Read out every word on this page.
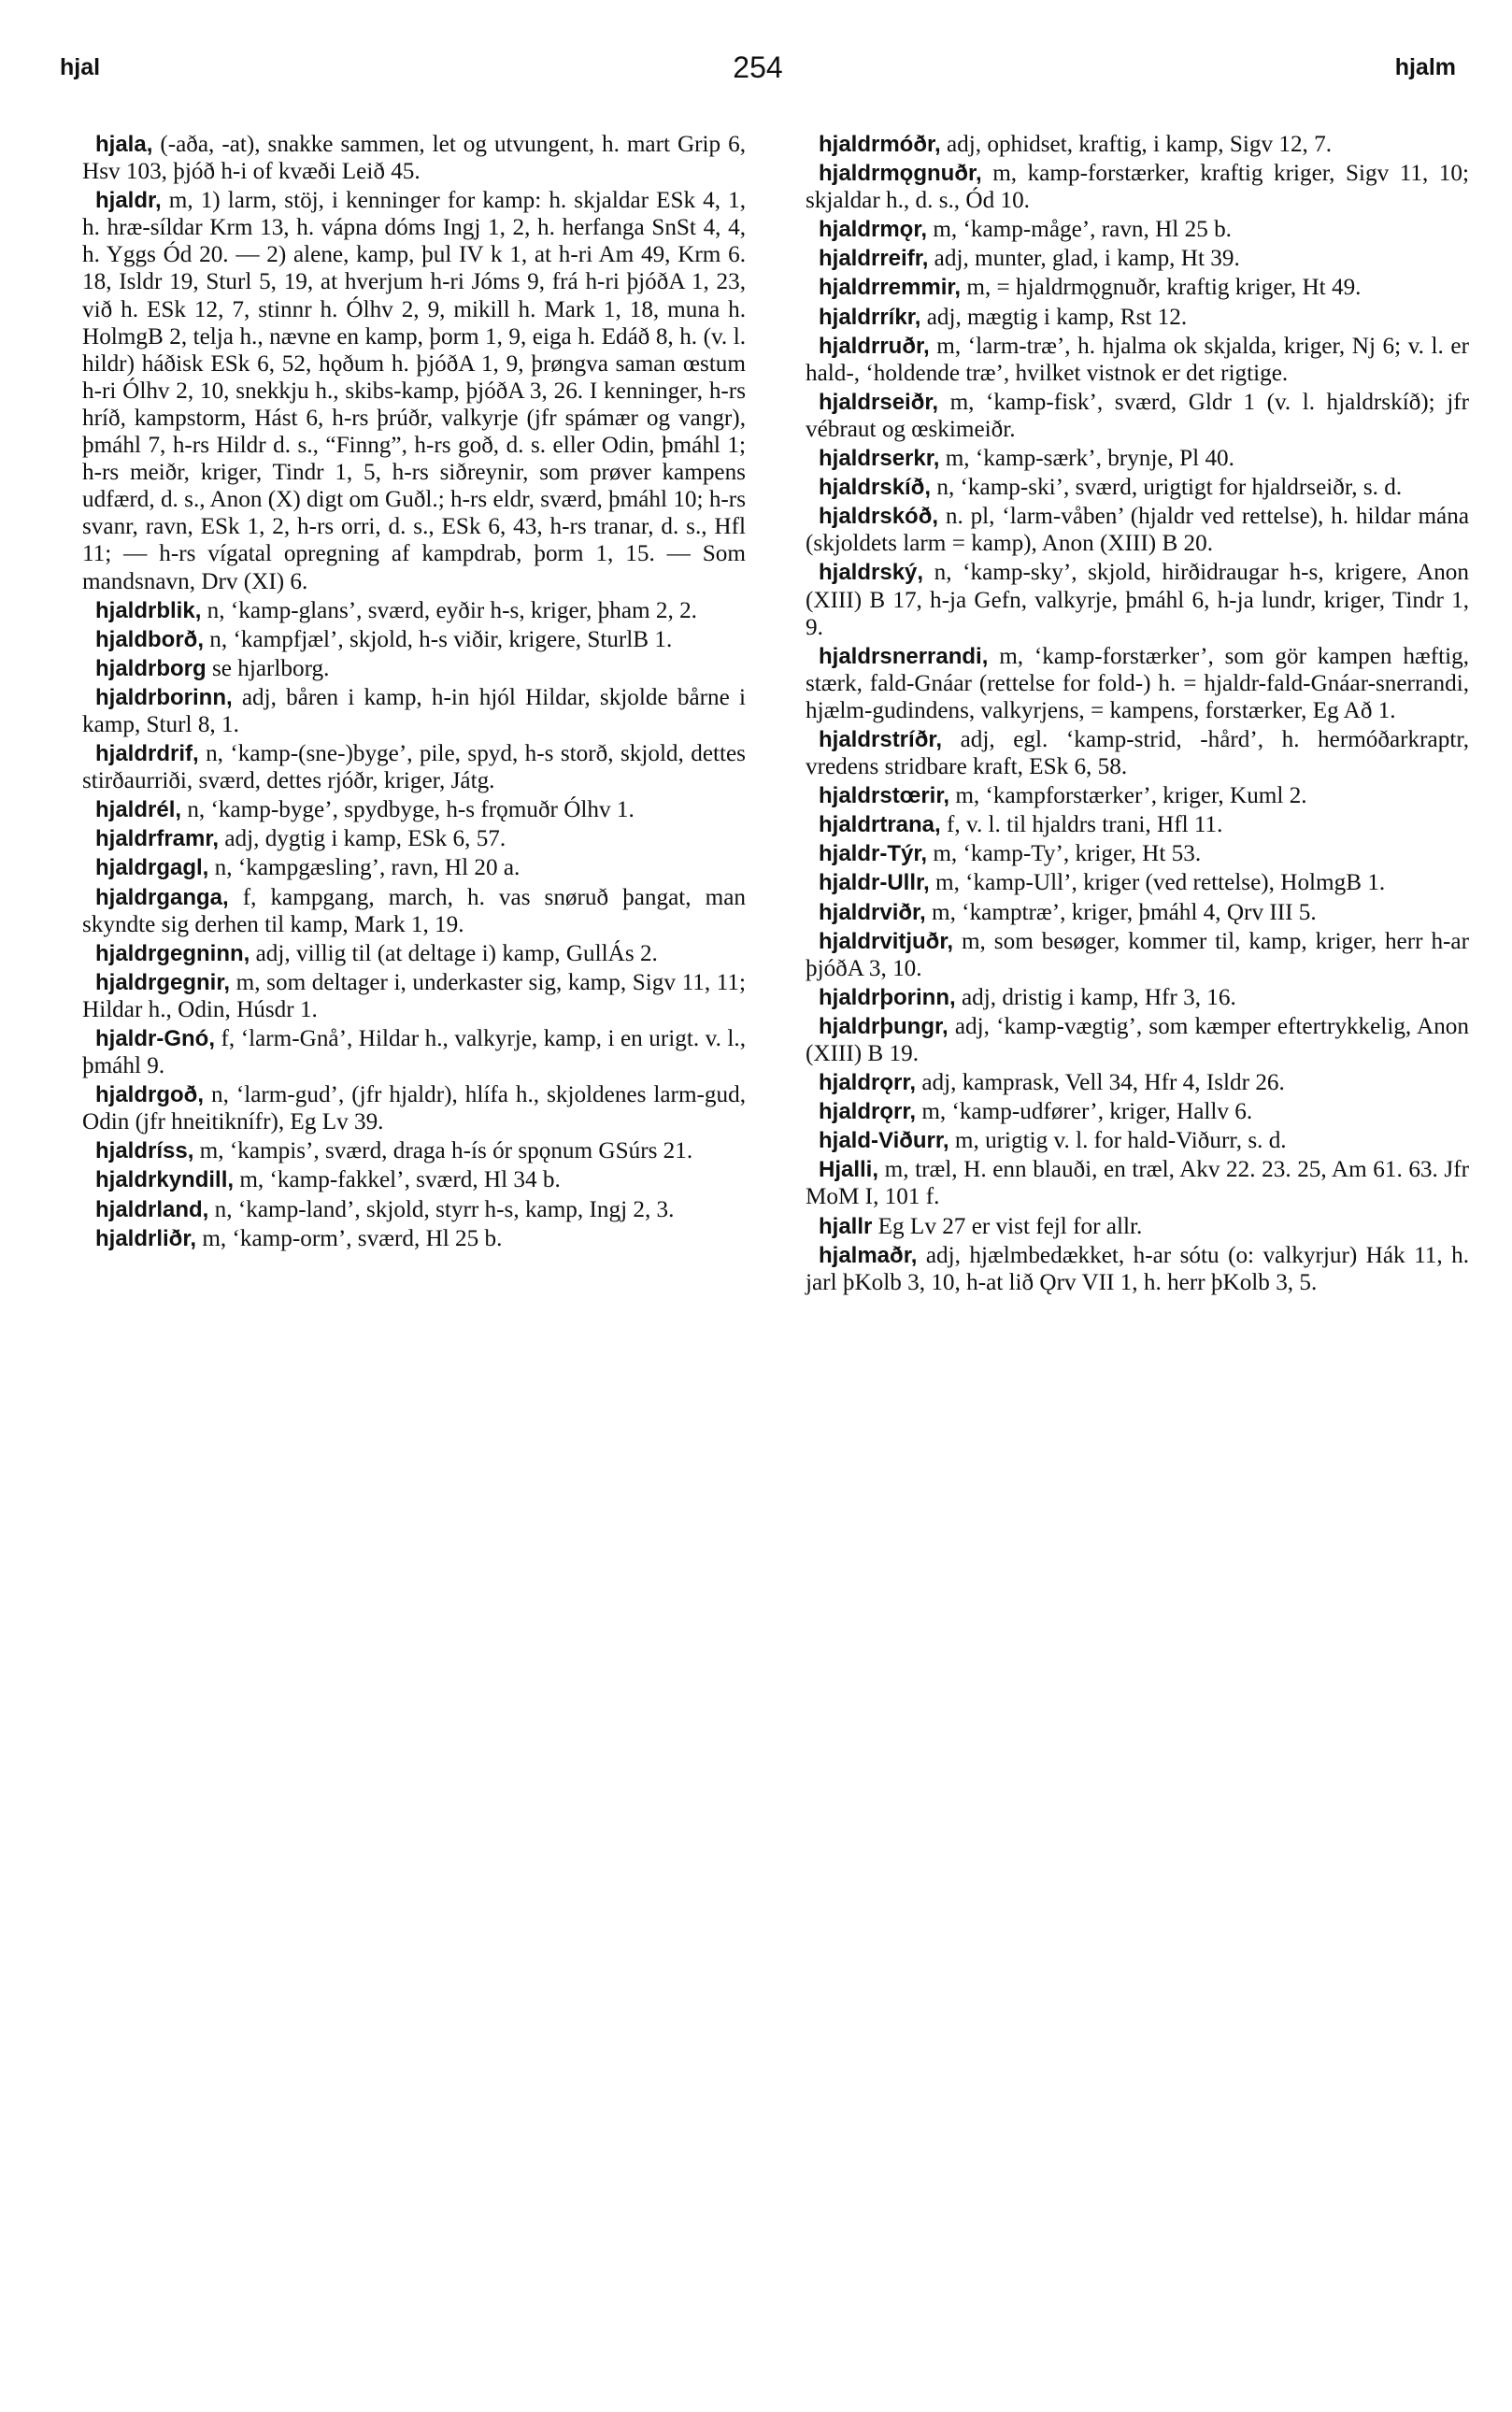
hjal	254	hjalm

hjala, (-aða, -at), snakke sammen, let og utvungent, h. mart Grip 6, Hsv 103, þjóð h-i of kvæði Leið 45.

hjaldr, m, 1) larm, stöj, i kenninger for kamp: h. skjaldar ESk 4, 1, h. hræ-síldar Krm 13, h. vápna dóms Ingj 1, 2, h. herfanga SnSt 4, 4, h. Yggs Ód 20. — 2) alene, kamp, þul IV k 1, at h-ri Am 49, Krm 6. 18, Isldr 19, Sturl 5, 19, at hverjum h-ri Jóms 9, frá h-ri þjóðA 1, 23, við h. ESk 12, 7, stinnr h. Ólhv 2, 9, mikill h. Mark 1, 18, muna h. HolmgB 2, telja h., nævne en kamp, þorm 1, 9, eiga h. Edáð 8, h. (v. l. hildr) háðisk ESk 6, 52, hǫðum h. þjóðA 1, 9, þrøngva saman œstum h-ri Ólhv 2, 10, snekkju h., skibs-kamp, þjóðA 3, 26. I kenninger, h-rs hríð, kampstorm, Hást 6, h-rs þrúðr, valkyrje (jfr spámær og vangr), þmáhl 7, h-rs Hildr d. s., “Finng”, h-rs goð, d. s. eller Odin, þmáhl 1; h-rs meiðr, kriger, Tindr 1, 5, h-rs siðreynir, som prøver kampens udfærd, d. s., Anon (X) digt om Guðl.; h-rs eldr, sværd, þmáhl 10; h-rs svanr, ravn, ESk 1, 2, h-rs orri, d. s., ESk 6, 43, h-rs tranar, d. s., Hfl 11; — h-rs vígatal opregning af kampdrab, þorm 1, 15. — Som mandsnavn, Drv (XI) 6.

hjaldrblik, n, ‘kamp-glans’, sværd, eyðir h-s, kriger, þham 2, 2.

hjaldborð, n, ‘kampfjæl’, skjold, h-s viðir, krigere, SturlB 1.

hjaldrborg se hjarlborg.

hjaldrborinn, adj, båren i kamp, h-in hjól Hildar, skjolde bårne i kamp, Sturl 8, 1.

hjaldrdrif, n, ‘kamp-(sne-)byge’, pile, spyd, h-s storð, skjold, dettes stirðaurriði, sværd, dettes rjóðr, kriger, Játg.

hjaldrél, n, ‘kamp-byge’, spydbyge, h-s frǫmuðr Ólhv 1.

hjaldrframr, adj, dygtig i kamp, ESk 6, 57.

hjaldrgagl, n, ‘kampgæsling’, ravn, Hl 20 a.

hjaldrganga, f, kampgang, march, h. vas snøruð þangat, man skyndte sig derhen til kamp, Mark 1, 19.

hjaldrgegninn, adj, villig til (at deltage i) kamp, GullÁs 2.

hjaldrgegnir, m, som deltager i, underkaster sig, kamp, Sigv 11, 11; Hildar h., Odin, Húsdr 1.

hjaldr-Gnó, f, ‘larm-Gnå’, Hildar h., valkyrje, kamp, i en urigt. v. l., þmáhl 9.

hjaldrgoð, n, ‘larm-gud’, (jfr hjaldr), hlífa h., skjoldenes larm-gud, Odin (jfr hneitiknífr), Eg Lv 39.

hjaldríss, m, ‘kampis’, sværd, draga h-ís ór spǫnum GSúrs 21.

hjaldrkyndill, m, ‘kamp-fakkel’, sværd, Hl 34 b.

hjaldrland, n, ‘kamp-land’, skjold, styrr h-s, kamp, Ingj 2, 3.

hjaldrliðr, m, ‘kamp-orm’, sværd, Hl 25 b.

hjaldrmóðr, adj, ophidset, kraftig, i kamp, Sigv 12, 7.

hjaldrmǫgnuðr, m, kamp-forstærker, kraftig kriger, Sigv 11, 10; skjaldar h., d. s., Ód 10.

hjaldrmǫr, m, ‘kamp-måge’, ravn, Hl 25 b.

hjaldrreifr, adj, munter, glad, i kamp, Ht 39.

hjaldrremmir, m, = hjaldrmǫgnuðr, kraftig kriger, Ht 49.

hjaldrríkr, adj, mægtig i kamp, Rst 12.

hjaldrruðr, m, ‘larm-træ’, h. hjalma ok skjalda, kriger, Nj 6; v. l. er hald-, ‘holdende træ’, hvilket vistnok er det rigtige.

hjaldrseiðr, m, ‘kamp-fisk’, sværd, Gldr 1 (v. l. hjaldrskíð); jfr vébraut og œskimeiðr.

hjaldrserkr, m, ‘kamp-særk’, brynje, Pl 40.

hjaldrskíð, n, ‘kamp-ski’, sværd, urigtigt for hjaldrseiðr, s. d.

hjaldrskóð, n. pl, ‘larm-våben’ (hjaldr ved rettelse), h. hildar mána (skjoldets larm = kamp), Anon (XIII) B 20.

hjaldrský, n, ‘kamp-sky’, skjold, hirðidraugar h-s, krigere, Anon (XIII) B 17, h-ja Gefn, valkyrje, þmáhl 6, h-ja lundr, kriger, Tindr 1, 9.

hjaldrsnerrandi, m, ‘kamp-forstærker’, som gör kampen hæftig, stærk, fald-Gnáar (rettelse for fold-) h. = hjaldr-fald-Gnáar-snerrandi, hjælm-gudindens, valkyrjens, = kampens, forstærker, Eg Að 1.

hjaldrstríðr, adj, egl. ‘kamp-strid, -hård’, h. hermóðarkraptr, vredens stridbare kraft, ESk 6, 58.

hjaldrstœrir, m, ‘kampforstærker’, kriger, Kuml 2.

hjaldrtrana, f, v. l. til hjaldrs trani, Hfl 11.

hjaldr-Týr, m, ‘kamp-Ty’, kriger, Ht 53.

hjaldr-Ullr, m, ‘kamp-Ull’, kriger (ved rettelse), HolmgB 1.

hjaldrviðr, m, ‘kamptræ’, kriger, þmáhl 4, Ǫrv III 5.

hjaldrvitjuðr, m, som besøger, kommer til, kamp, kriger, herr h-ar þjóðA 3, 10.

hjaldrþorinn, adj, dristig i kamp, Hfr 3, 16.

hjaldrþungr, adj, ‘kamp-vægtig’, som kæmper eftertrykkelig, Anon (XIII) B 19.

hjaldrǫrr, adj, kamprask, Vell 34, Hfr 4, Isldr 26.

hjaldrǫrr, m, ‘kamp-udfører’, kriger, Hallv 6.

hjald-Viðurr, m, urigtig v. l. for hald-Viðurr, s. d.

Hjalli, m, træl, H. enn blauði, en træl, Akv 22. 23. 25, Am 61. 63. Jfr MoM I, 101 f.

hjallr Eg Lv 27 er vist fejl for allr.

hjalmaðr, adj, hjælmbedækket, h-ar sótu (o: valkyrjur) Hák 11, h. jarl þKolb 3, 10, h-at lið Ǫrv VII 1, h. herr þKolb 3, 5.
